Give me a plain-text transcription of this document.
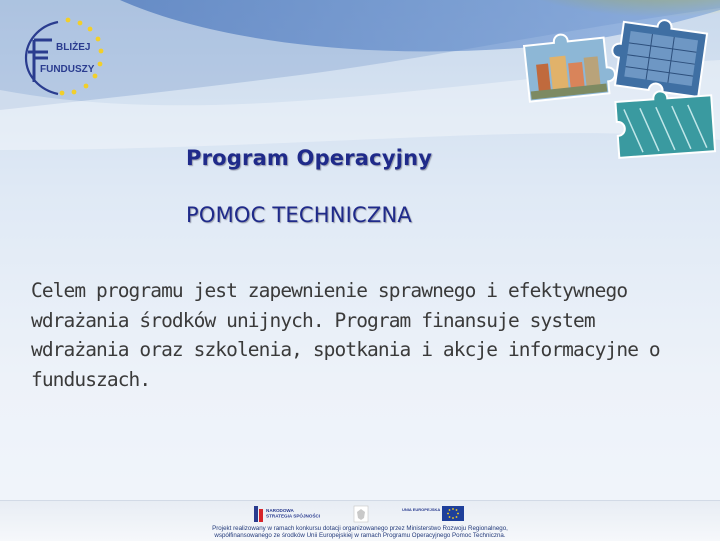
BLIŻEJ
FUNDUSZY
Program Operacyjny
POMOC TECHNICZNA
Celem programu jest zapewnienie sprawnego i efektywnego
wdrażania środków unijnych. Program finansuje system
wdrażania oraz szkolenia, spotkania i akcje informacyjne o
funduszach.
NARODOWA
STRATEGIA SPÓJNOŚCI
UNIA EUROPEJSKA
Projekt realizowany w ramach konkursu dotacji organizowanego przez Ministerstwo Rozwoju Regionalnego,
współfinansowanego ze środków Unii Europejskiej w ramach Programu Operacyjnego Pomoc Techniczna.
